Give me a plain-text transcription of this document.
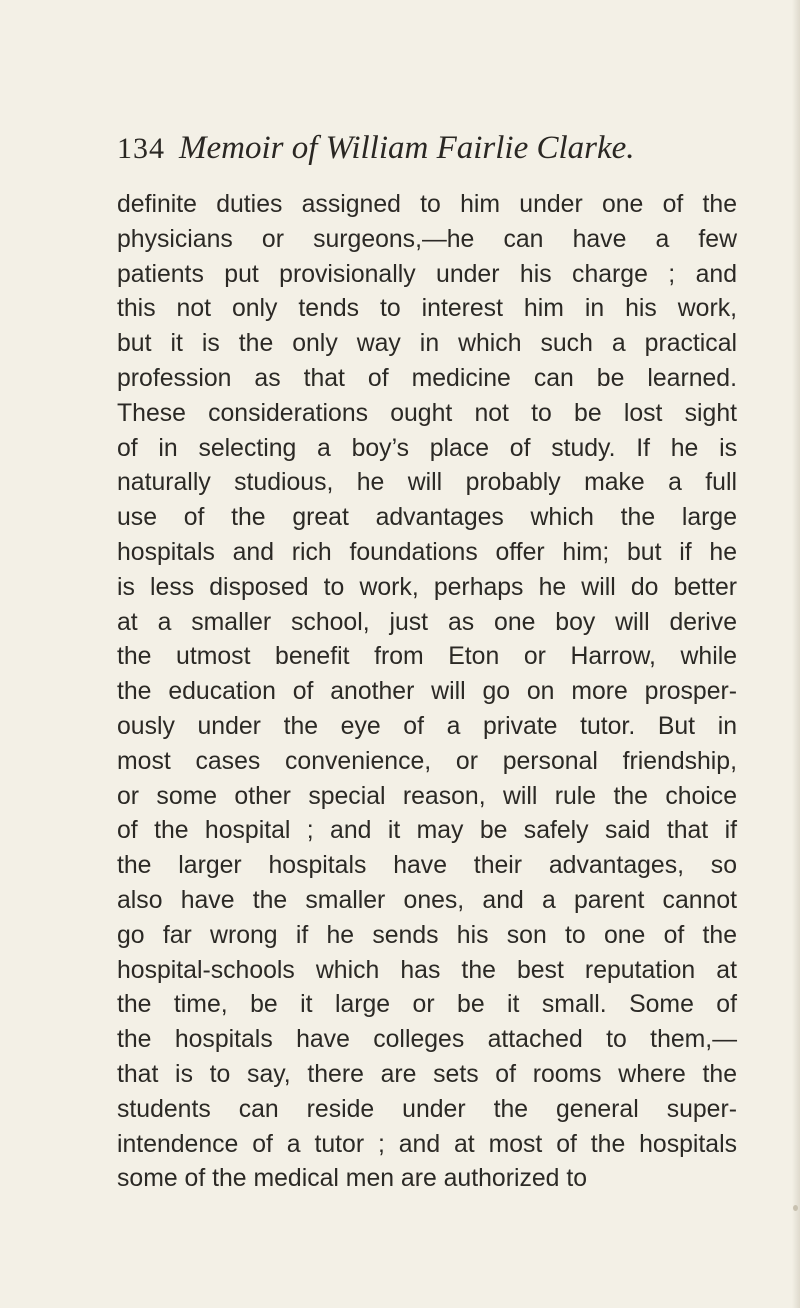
134 Memoir of William Fairlie Clarke.
definite duties assigned to him under one of the
physicians or surgeons,—he can have a few
patients put provisionally under his charge ; and
this not only tends to interest him in his work,
but it is the only way in which such a practical
profession as that of medicine can be learned.
These considerations ought not to be lost sight
of in selecting a boy’s place of study. If he is
naturally studious, he will probably make a full
use of the great advantages which the large
hospitals and rich foundations offer him; but if he
is less disposed to work, perhaps he will do better
at a smaller school, just as one boy will derive
the utmost benefit from Eton or Harrow, while
the education of another will go on more prosper-
ously under the eye of a private tutor. But in
most cases convenience, or personal friendship,
or some other special reason, will rule the choice
of the hospital ; and it may be safely said that if
the larger hospitals have their advantages, so
also have the smaller ones, and a parent cannot
go far wrong if he sends his son to one of the
hospital-schools which has the best reputation at
the time, be it large or be it small. Some of
the hospitals have colleges attached to them,—
that is to say, there are sets of rooms where the
students can reside under the general super-
intendence of a tutor ; and at most of the hospitals
some of the medical men are authorized to
